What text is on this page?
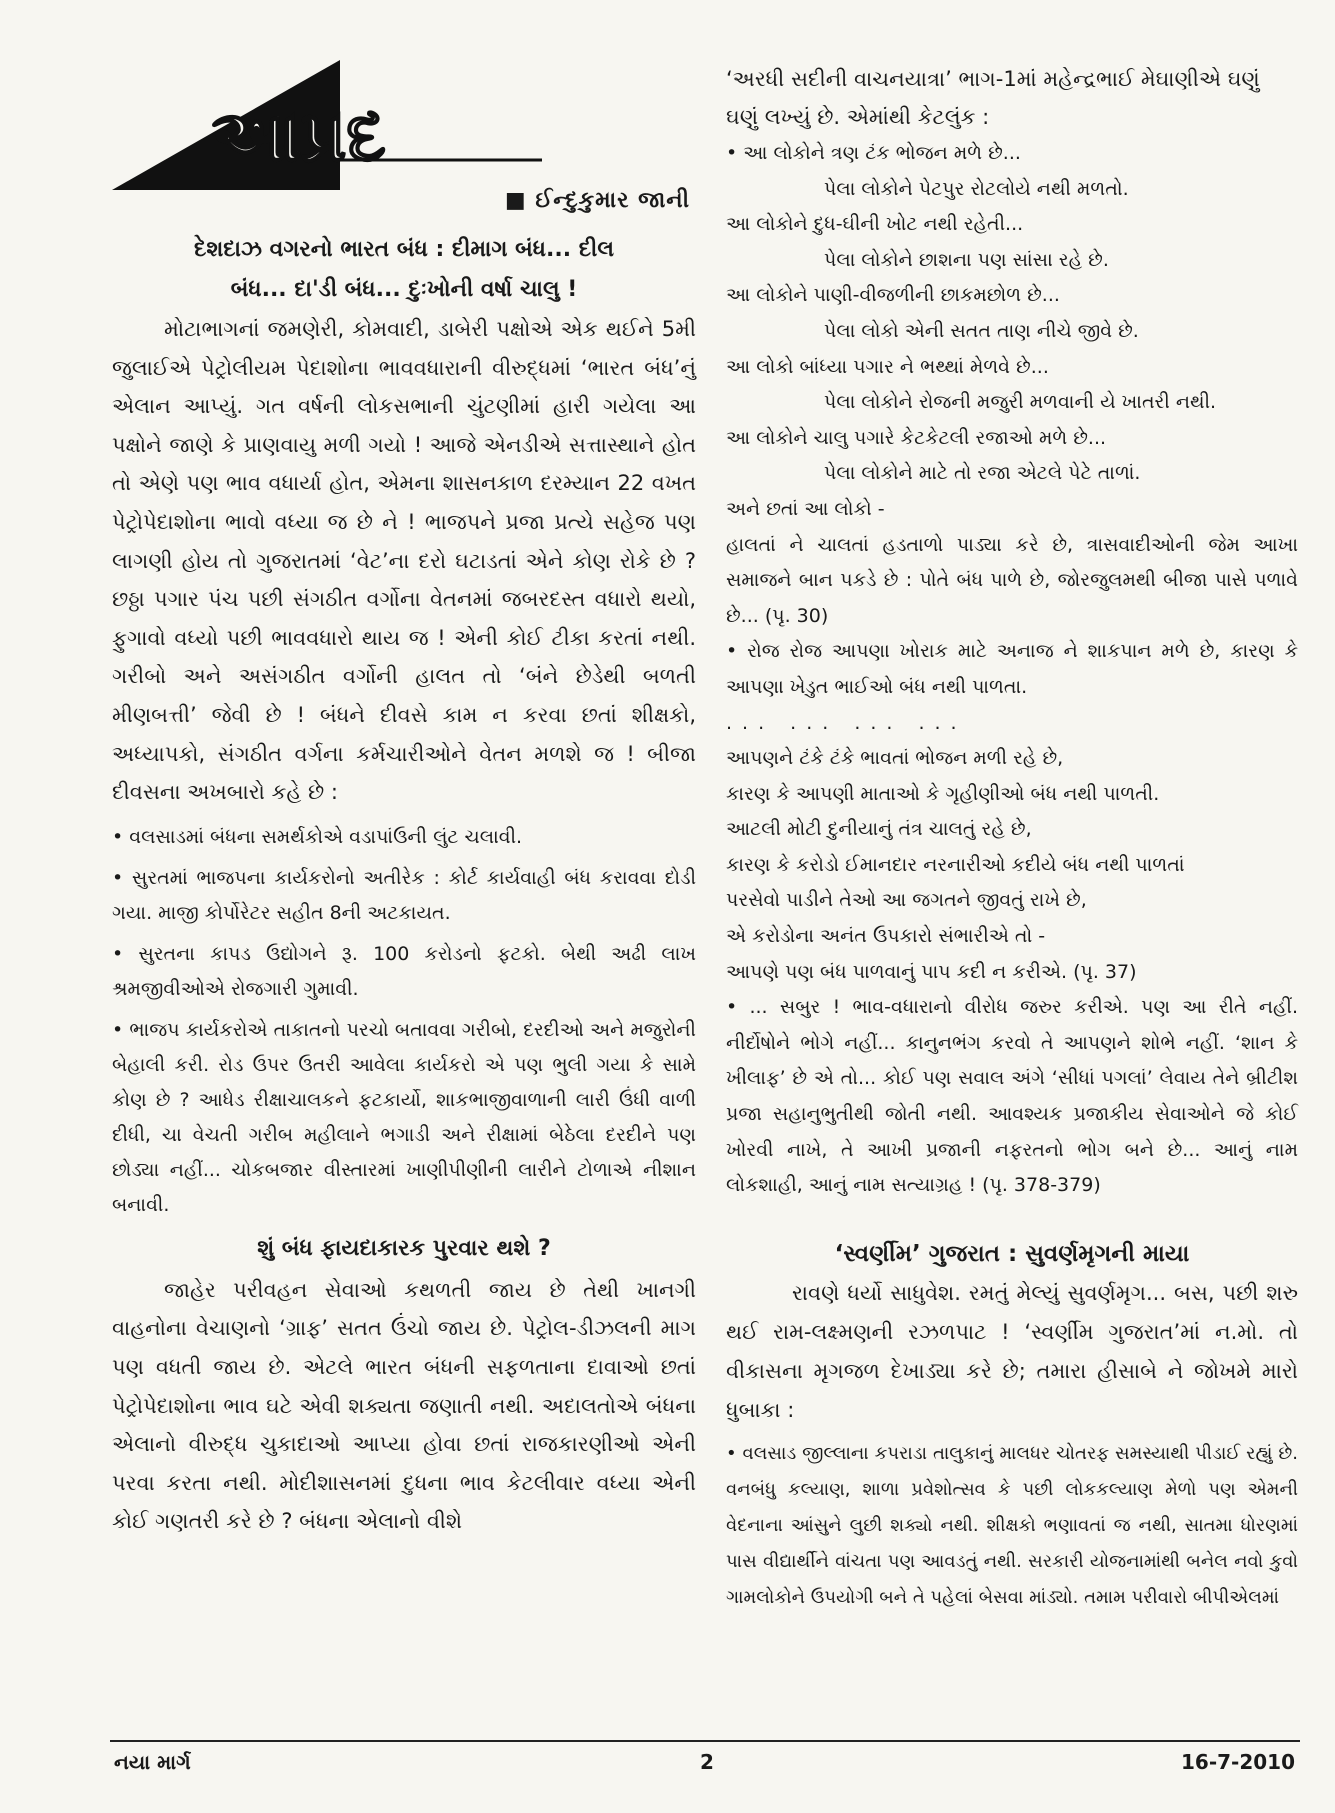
આપ્રદ
■ ઈન્દુકુમાર જાની

દેશદાઝ વગરનો ભારત બંધ : દીમાગ બંધ... દીલ

બંધ... દા'ડી બંધ... દુઃખોની વર્ષા ચાલુ !

મોટાભાગનાં જમણેરી, કોમવાદી, ડાબેરી પક્ષોએ એક થઈને 5મી જુલાઈએ પેટ્રોલીયમ પેદાશોના ભાવવધારાની વીરુદ્ધમાં ‘ભારત બંધ’નું એલાન આપ્યું. ગત વર્ષની લોકસભાની ચુંટણીમાં હારી ગયેલા આ પક્ષોને જાણે કે પ્રાણવાયુ મળી ગયો ! આજે એનડીએ સત્તાસ્થાને હોત તો એણે પણ ભાવ વધાર્યા હોત, એમના શાસનકાળ દરમ્યાન 22 વખત પેટ્રોપેદાશોના ભાવો વધ્યા જ છે ને ! ભાજપને પ્રજા પ્રત્યે સહેજ પણ લાગણી હોય તો ગુજરાતમાં ‘વેટ’ના દરો ઘટાડતાં એને કોણ રોકે છે ? છઠ્ઠા પગાર પંચ પછી સંગઠીત વર્ગોના વેતનમાં જબરદસ્ત વધારો થયો, ફુગાવો વધ્યો પછી ભાવવધારો થાય જ ! એની કોઈ ટીકા કરતાં નથી. ગરીબો અને અસંગઠીત વર્ગોની હાલત તો ‘બંને છેડેથી બળતી મીણબત્તી’ જેવી છે ! બંધને દીવસે કામ ન કરવા છતાં શીક્ષકો, અધ્યાપકો, સંગઠીત વર્ગના કર્મચારીઓને વેતન મળશે જ ! બીજા દીવસના અખબારો કહે છે :

• વલસાડમાં બંધના સમર્થકોએ વડાપાંઉની લુંટ ચલાવી.

• સુરતમાં ભાજપના કાર્યકરોનો અતીરેક : કોર્ટ કાર્યવાહી બંધ કરાવવા દોડી ગયા. માજી કોર્પોરેટર સહીત 8ની અટકાયત.

• સુરતના કાપડ ઉદ્યોગને રૂ. 100 કરોડનો ફટકો. બેથી અઢી લાખ શ્રમજીવીઓએ રોજગારી ગુમાવી.

• ભાજપ કાર્યકરોએ તાકાતનો પરચો બતાવવા ગરીબો, દરદીઓ અને મજુરોની બેહાલી કરી. રોડ ઉપર ઉતરી આવેલા કાર્યકરો એ પણ ભુલી ગયા કે સામે કોણ છે ? આધેડ રીક્ષાચાલકને ફટકાર્યો, શાકભાજીવાળાની લારી ઉંધી વાળી દીધી, ચા વેચતી ગરીબ મહીલાને ભગાડી અને રીક્ષામાં બેઠેલા દરદીને પણ છોડ્યા નહીં... ચોકબજાર વીસ્તારમાં ખાણીપીણીની લારીને ટોળાએ નીશાન બનાવી.

શું બંધ ફાયદાકારક પુરવાર થશે ?

જાહેર પરીવહન સેવાઓ કથળતી જાય છે તેથી ખાનગી વાહનોના વેચાણનો ‘ગ્રાફ’ સતત ઉંચો જાય છે. પેટ્રોલ-ડીઝલની માગ પણ વધતી જાય છે. એટલે ભારત બંધની સફળતાના દાવાઓ છતાં પેટ્રોપેદાશોના ભાવ ઘટે એવી શક્યતા જણાતી નથી. અદાલતોએ બંધના એલાનો વીરુદ્ધ ચુકાદાઓ આપ્યા હોવા છતાં રાજકારણીઓ એની પરવા કરતા નથી. મોદીશાસનમાં દુધના ભાવ કેટલીવાર વધ્યા એની કોઈ ગણતરી કરે છે ? બંધના એલાનો વીશે

‘અરધી સદીની વાચનયાત્રા’ ભાગ-1માં મહેન્દ્રભાઈ મેઘાણીએ ઘણું ઘણું લખ્યું છે. એમાંથી કેટલુંક :

• આ લોકોને ત્રણ ટંક ભોજન મળે છે...

પેલા લોકોને પેટપુર રોટલોયે નથી મળતો.

આ લોકોને દુધ-ઘીની ખોટ નથી રહેતી...

પેલા લોકોને છાશના પણ સાંસા રહે છે.

આ લોકોને પાણી-વીજળીની છાકમછોળ છે...

પેલા લોકો એની સતત તાણ નીચે જીવે છે.

આ લોકો બાંધ્યા પગાર ને ભથ્થાં મેળવે છે...

પેલા લોકોને રોજની મજુરી મળવાની યે ખાતરી નથી.

આ લોકોને ચાલુ પગારે કેટકેટલી રજાઓ મળે છે...

પેલા લોકોને માટે તો રજા એટલે પેટે તાળાં.

અને છતાં આ લોકો -

હાલતાં ને ચાલતાં હડતાળો પાડ્યા કરે છે, ત્રાસવાદીઓની જેમ આખા સમાજને બાન પકડે છે : પોતે બંધ પાળે છે, જોરજુલમથી બીજા પાસે પળાવે છે... (પૃ. 30)

• રોજ રોજ આપણા ખોરાક માટે અનાજ ને શાકપાન મળે છે, કારણ કે આપણા ખેડુત ભાઈઓ બંધ નથી પાળતા.

... ... ... ...

આપણને ટંકે ટંકે ભાવતાં ભોજન મળી રહે છે,

કારણ કે આપણી માતાઓ કે ગૃહીણીઓ બંધ નથી પાળતી.

આટલી મોટી દુનીયાનું તંત્ર ચાલતું રહે છે,

કારણ કે કરોડો ઈમાનદાર નરનારીઓ કદીયે બંધ નથી પાળતાં

પરસેવો પાડીને તેઓ આ જગતને જીવતું રાખે છે,

એ કરોડોના અનંત ઉપકારો સંભારીએ તો -

આપણે પણ બંધ પાળવાનું પાપ કદી ન કરીએ. (પૃ. 37)

• ... સબુર ! ભાવ-વધારાનો વીરોધ જરુર કરીએ. પણ આ રીતે નહીં. નીર્દોષોને ભોગે નહીં... કાનુનભંગ કરવો તે આપણને શોભે નહીં. ‘શાન કે ખીલાફ’ છે એ તો... કોઈ પણ સવાલ અંગે ‘સીધાં પગલાં’ લેવાય તેને બ્રીટીશ પ્રજા સહાનુભુતીથી જોતી નથી. આવશ્યક પ્રજાકીય સેવાઓને જે કોઈ ખોરવી નાખે, તે આખી પ્રજાની નફરતનો ભોગ બને છે... આનું નામ લોકશાહી, આનું નામ સત્યાગ્રહ ! (પૃ. 378-379)

‘સ્વર્ણીમ’ ગુજરાત : સુવર્ણમૃગની માયા

રાવણે ધર્યો સાધુવેશ. રમતું મેલ્યું સુવર્ણમૃગ... બસ, પછી શરુ થઈ રામ-લક્ષ્મણની રઝળપાટ ! ‘સ્વર્ણીમ ગુજરાત’માં ન.મો. તો વીકાસના મૃગજળ દેખાડ્યા કરે છે; તમારા હીસાબે ને જોખમે મારો ધુબાકા :

• વલસાડ જીલ્લાના કપરાડા તાલુકાનું માલધર ચોતરફ સમસ્યાથી પીડાઈ રહ્યું છે. વનબંધુ કલ્યાણ, શાળા પ્રવેશોત્સવ કે પછી લોકકલ્યાણ મેળો પણ એમની વેદનાના આંસુને લુછી શક્યો નથી. શીક્ષકો ભણાવતાં જ નથી, સાતમા ધોરણમાં પાસ વીદ્યાર્થીને વાંચતા પણ આવડતું નથી. સરકારી યોજનામાંથી બનેલ નવો કુવો ગામલોકોને ઉપયોગી બને તે પહેલાં બેસવા માંડ્યો. તમામ પરીવારો બીપીએલમાં

નયા માર્ગ	2	16-7-2010
